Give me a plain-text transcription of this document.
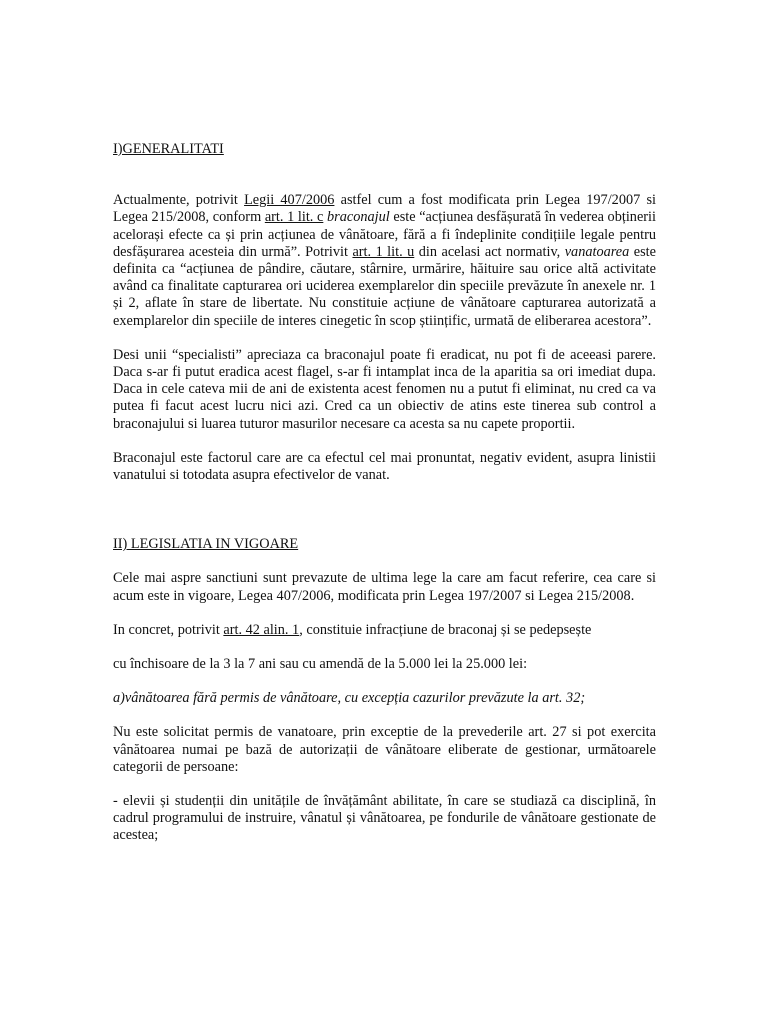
I)GENERALITATI

Actualmente, potrivit Legii 407/2006 astfel cum a fost modificata prin Legea 197/2007 si Legea 215/2008, conform art. 1 lit. c braconajul este “acțiunea desfășurată în vederea obținerii acelorași efecte ca și prin acțiunea de vânătoare, fără a fi îndeplinite condițiile legale pentru desfășurarea acesteia din urmă”. Potrivit art. 1 lit. u din acelasi act normativ, vanatoarea este definita ca “acțiunea de pândire, căutare, stârnire, urmărire, hăituire sau orice altă activitate având ca finalitate capturarea ori uciderea exemplarelor din speciile prevăzute în anexele nr. 1 și 2, aflate în stare de libertate. Nu constituie acțiune de vânătoare capturarea autorizată a exemplarelor din speciile de interes cinegetic în scop științific, urmată de eliberarea acestora”.

Desi unii “specialisti” apreciaza ca braconajul poate fi eradicat, nu pot fi de aceeasi parere. Daca s-ar fi putut eradica acest flagel, s-ar fi intamplat inca de la aparitia sa ori imediat dupa. Daca in cele cateva mii de ani de existenta acest fenomen nu a putut fi eliminat, nu cred ca va putea fi facut acest lucru nici azi. Cred ca un obiectiv de atins este tinerea sub control a braconajului si luarea tuturor masurilor necesare ca acesta sa nu capete proportii.

Braconajul este factorul care are ca efectul cel mai pronuntat, negativ evident, asupra linistii vanatului si totodata asupra efectivelor de vanat.

II) LEGISLATIA IN VIGOARE

Cele mai aspre sanctiuni sunt prevazute de ultima lege la care am facut referire, cea care si acum este in vigoare, Legea 407/2006, modificata prin Legea 197/2007 si Legea 215/2008.

In concret, potrivit art. 42 alin. 1, constituie infracțiune de braconaj și se pedepsește

cu închisoare de la 3 la 7 ani sau cu amendă de la 5.000 lei la 25.000 lei:

a)vânătoarea fără permis de vânătoare, cu excepția cazurilor prevăzute la art. 32;

Nu este solicitat permis de vanatoare, prin exceptie de la prevederile art. 27 si pot exercita vânătoarea numai pe bază de autorizații de vânătoare eliberate de gestionar, următoarele categorii de persoane:

- elevii și studenții din unitățile de învățământ abilitate, în care se studiază ca disciplină, în cadrul programului de instruire, vânatul și vânătoarea, pe fondurile de vânătoare gestionate de acestea;
